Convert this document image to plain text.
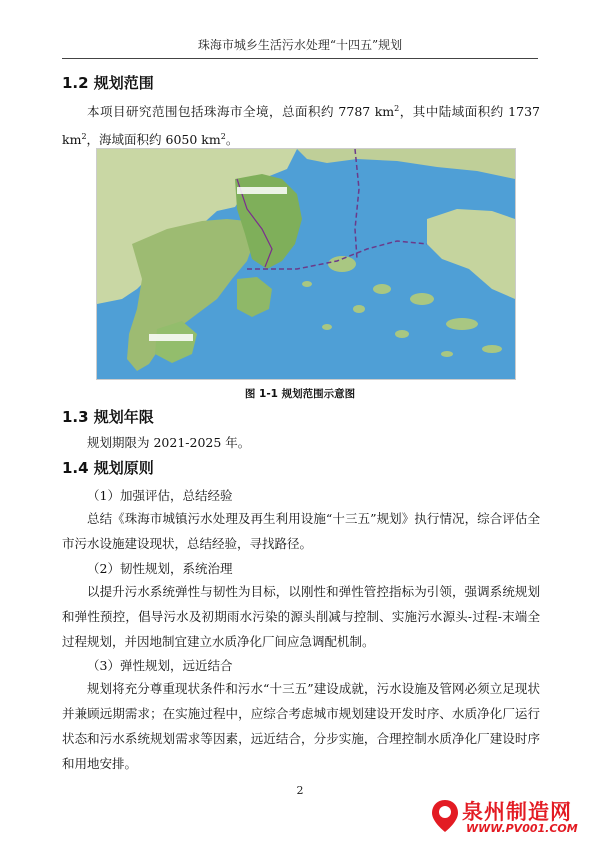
珠海市城乡生活污水处理“十四五”规划
1.2 规划范围

本项目研究范围包括珠海市全境，总面积约 7787 $km^2$，其中陆域面积约 1737 $km^2$，海域面积约 6050 $km^2$。

图 1-1 规划范围示意图
1.3 规划年限

规划期限为 2021-2025 年。

1.4 规划原则
（1）加强评估，总结经验

总结《珠海市城镇污水处理及再生利用设施“十三五”规划》执行情况，综合评估全市污水设施建设现状，总结经验，寻找路径。

（2）韧性规划，系统治理

以提升污水系统弹性与韧性为目标，以刚性和弹性管控指标为引领，强调系统规划和弹性预控，倡导污水及初期雨水污染的源头削减与控制、实施污水源头-过程-末端全过程规划，并因地制宜建立水质净化厂间应急调配机制。

（3）弹性规划，远近结合

规划将充分尊重现状条件和污水“十三五”建设成就，污水设施及管网必须立足现状并兼顾远期需求；在实施过程中，应综合考虑城市规划建设开发时序、水质净化厂运行状态和污水系统规划需求等因素，远近结合，分步实施，合理控制水质净化厂建设时序和用地安排。

2
泉州制造网
WWW.PV001.COM
